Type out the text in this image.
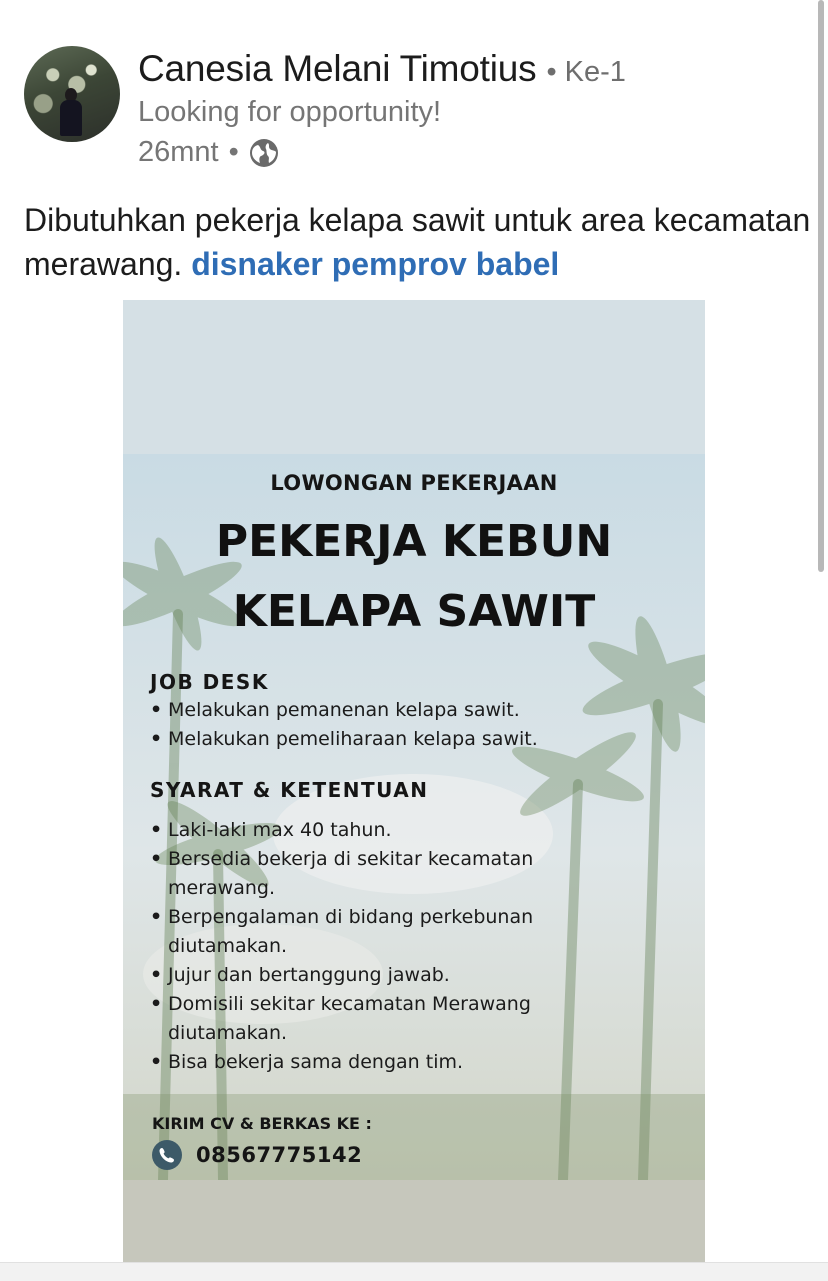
Canesia Melani Timotius • Ke-1
Looking for opportunity!
26mnt •
Dibutuhkan pekerja kelapa sawit untuk area kecamatan merawang. disnaker pemprov babel
LOWONGAN PEKERJAAN
PEKERJA KEBUN
KELAPA SAWIT
JOB DESK
• Melakukan pemanenan kelapa sawit.
• Melakukan pemeliharaan kelapa sawit.
SYARAT & KETENTUAN
• Laki-laki max 40 tahun.
• Bersedia bekerja di sekitar kecamatan merawang.
• Berpengalaman di bidang perkebunan diutamakan.
• Jujur dan bertanggung jawab.
• Domisili sekitar kecamatan Merawang diutamakan.
• Bisa bekerja sama dengan tim.
KIRIM CV & BERKAS KE :
08567775142
